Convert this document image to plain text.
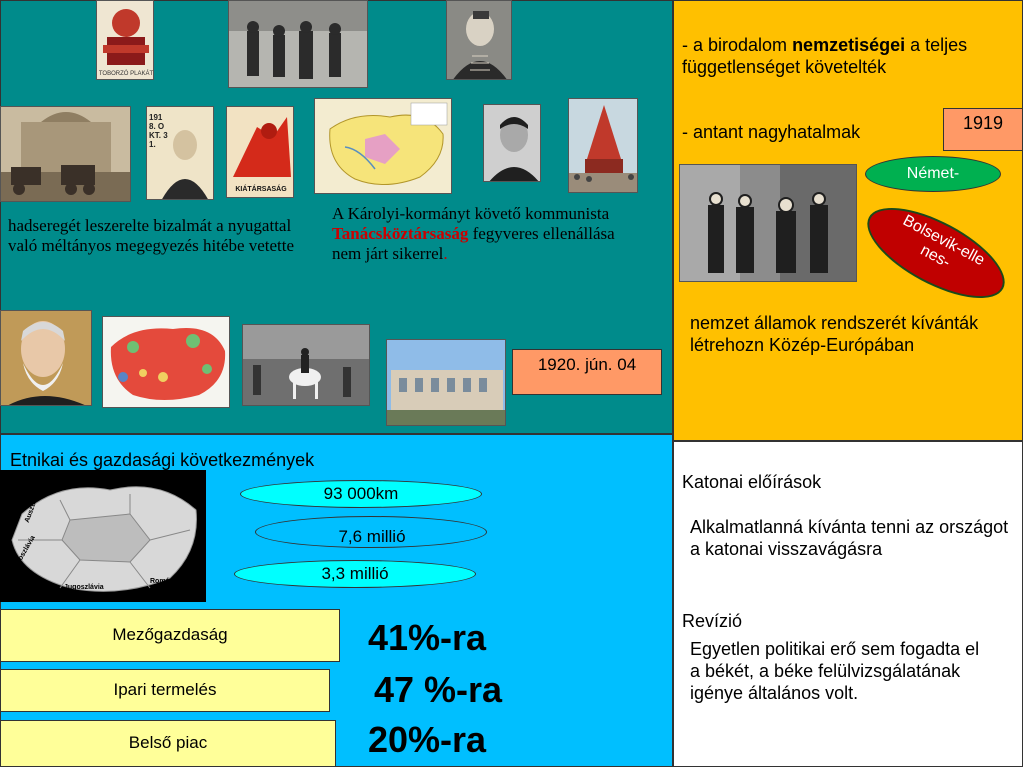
TOBORZÓ PLAKÁT
1918. OKT. 31.
KIÁTÁRSASÁG
hadseregét leszerelte bizalmát a nyugattal való méltányos megegyezés hitébe vetette
A Károlyi-kormányt követő kommunista Tanácsköztársaság fegyveres ellenállása nem járt sikerrel.
1920. jún. 04
- a birodalom nemzetiségei a teljes függetlenséget követelték
- antant nagyhatalmak	1919
Német-
Bolsevik-ellenes-
nemzet államok rendszerét kívánták létrehozn Közép-Európában
Etnikai és gazdasági következmények
Csehszlovákia
Ausztria
Jugoszlávia
Jugoszlávia
Románia
93 000km
7,6 millió
3,3 millió
Mezőgazdaság
Ipari termelés
Belső piac
41%-ra
47 %-ra
20%-ra
Katonai előírások
Alkalmatlanná kívánta tenni az országot a katonai visszavágásra
Revízió
Egyetlen politikai erő sem fogadta el a békét, a béke felülvizsgálatának igénye általános volt.
